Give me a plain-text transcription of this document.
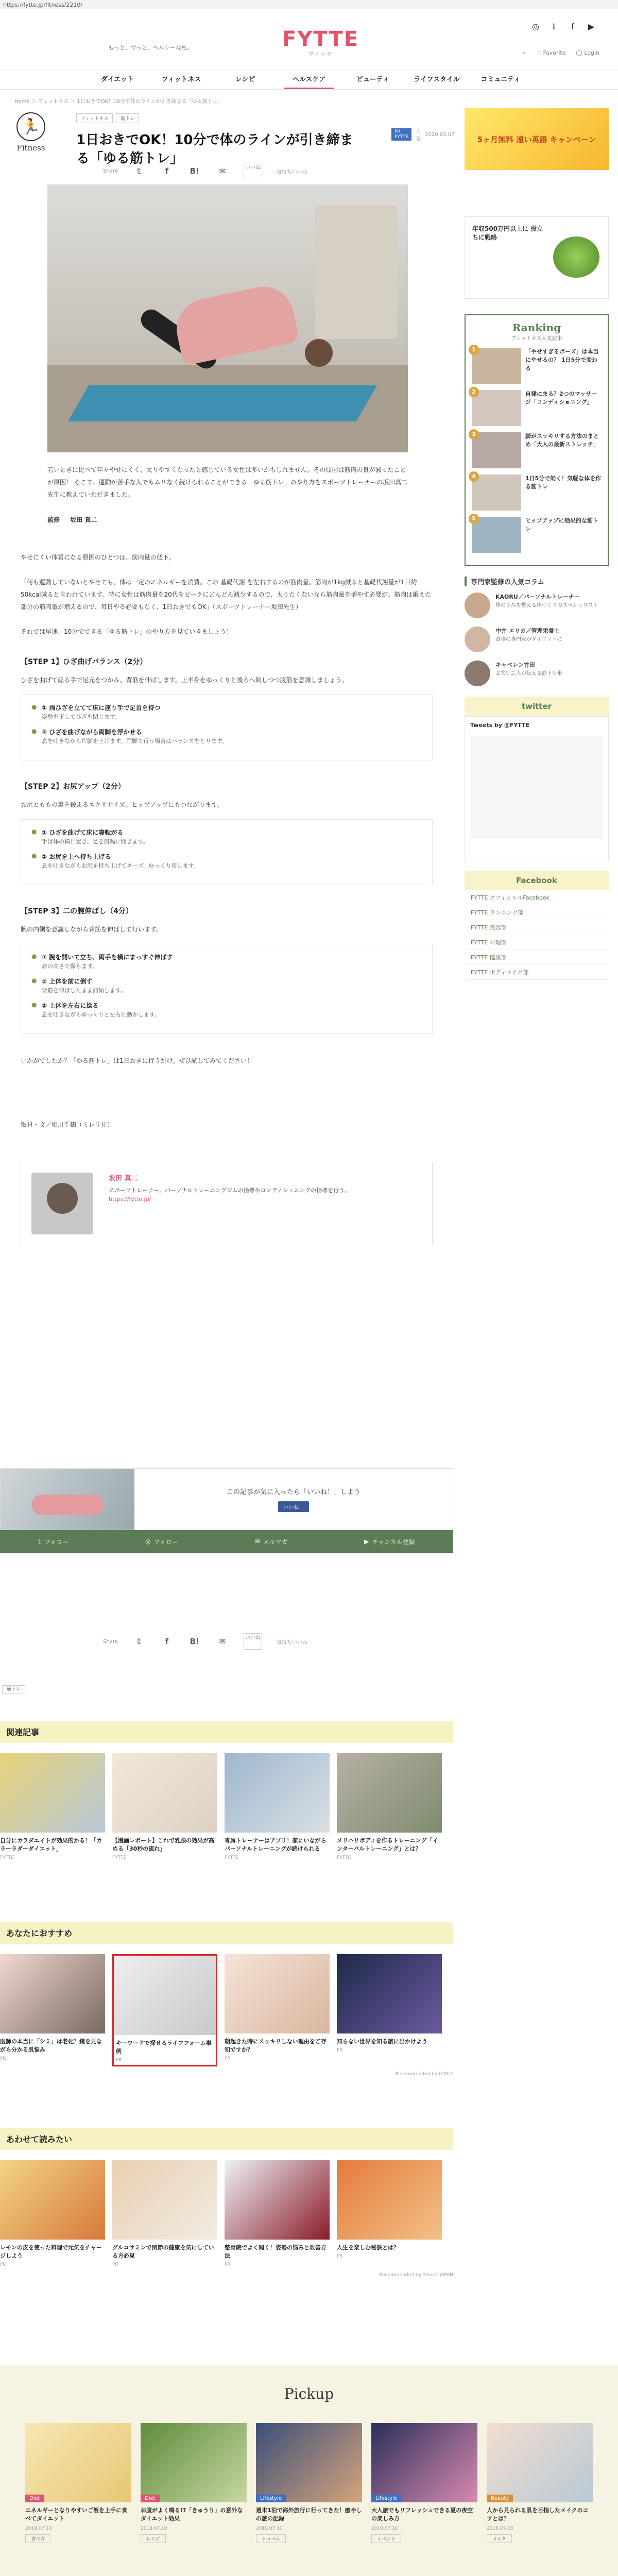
https://fytte.jp/fitness/2210/
もっと、ずっと、ヘルシーな私。	FYTTE
フィッテ
◎	𝕥	f	▶
⌕ ♡ Favorite ◯ Login
ダイエット	フィットネス	レシピ	ヘルスケア	ビューティ	ライフスタイル	コミュニティ
Home ＞ フィットネス ＞ 1日おきでOK！10分で体のラインが引き締まる「ゆる筋トレ」
🏃
Fitness
フィットネス	筋トレ
1日おきでOK！10分で体のラインが引き締まる「ゆる筋トレ」
PR FYTTE
人気
2020.03.07
Share	𝕥	f	B!	✉	いいね
気持ちいいね

若いときに比べて年々やせにくく、太りやすくなったと感じている女性は多いかもしれません。その原因は筋肉の量が減ったことが原因！ そこで、運動が苦手な人でもムリなく続けられることができる「ゆる筋トレ」のやり方をスポーツトレーナーの坂田真二先生に教えていただきました。

監修 坂田 真二

やせにくい体質になる原因のひとつは、筋肉量の低下。

「何も運動していないとやせても、体は一定のエネルギーを消費。この 基礎代謝 を左右するのが筋肉量。筋肉が1kg減ると基礎代謝量が1日約50kcal減ると言われています。特に女性は筋肉量を20代をピークにどんどん減少するので、太りたくないなら筋肉量を増やす必要が。筋肉は鍛えた部分の筋肉量が増えるので、毎日やる必要もなく、1日おきでもOK」（スポーツトレーナー坂田先生）

それでは早速、10分でできる「ゆる筋トレ」のやり方を見ていきましょう！

【STEP 1】ひざ曲げバランス（2分）

ひざを曲げて座る手で足元をつかみ、背筋を伸ばします。上半身をゆっくりと後ろへ倒しつつ腹筋を意識しましょう。

● ① 両ひざを立てて床に座り手で足首を持つ
姿勢を正してひざを閉じます。
● ② ひざを曲げながら両脚を浮かせる
息を吐きながら片脚を上げます。両脚で行う場合はバランスをとります。
【STEP 2】お尻アップ（2分）

お尻とももの裏を鍛えるエクササイズ。ヒップアップにもつながります。

● ① ひざを曲げて床に寝転がる
手は体の横に置き、足を肩幅に開きます。
● ② お尻を上へ持ち上げる
息を吐きながらお尻を持ち上げてキープ、ゆっくり戻します。
【STEP 3】二の腕伸ばし（4分）

腕の内側を意識しながら背筋を伸ばして行います。

● ① 腕を開いて立ち、両手を横にまっすぐ伸ばす
肩の高さで保ちます。
● ② 上体を前に倒す
背筋を伸ばしたまま前傾します。
● ③ 上体を左右に捻る
息を吐きながらゆっくりと左右に動かします。

いかがでしたか？「ゆる筋トレ」は1日おきに行うだけ。ぜひ試してみてください！

取材・文／相川千鶴（ミレリ社）

坂田 真二
スポーツトレーナー。パーソナルトレーニングジムの指導やコンディショニングの指導を行う。
https://fytte.jp/
この記事が気に入ったら「いいね！」しよう
いいね！
𝕥 フォロー	◎ フォロー	✉ メルマガ	▶ チャンネル登録
Share	𝕥	f	B!	✉	いいね
気持ちいいね
筋トレ
関連記事
自分にカラダエイトが効果的かる！「カラーラダーダイエット」
FYTTE
【漫画レポート】これで乳腺の効果が高める「30秒の流れ」
FYTTE
専属トレーナーはアプリ！家にいながらパーソナルトレーニングが続けられる
FYTTE
メリハリボディを作るトレーニング「インターバルトレーニング」とは？
FYTTE
あなたにおすすめ
医師の本当に「シミ」は老化？鏡を見ながら分かる肌悩み
PR
キーワードで探せるライフフォーム事例
PR
朝起きた時にスッキリしない理由をご存知ですか？
PR
知らない世界を知る旅に出かけよう
PR
Recommended by LOGLY
あわせて読みたい
レモンの皮を使った料理で元気をチャージしよう
PR
グルコサミンで関節の健康を気にしている方必見
PR
整骨院でよく聞く！姿勢の悩みと改善方法
PR
人生を楽しむ秘訣とは？
PR
Recommended by Yahoo! JAPAN
5ヶ月無料 遠い英語 キャンペーン
年収500万円以上に 役立ちに戦略
Ranking
フィットネス人気記事
1	「やせすぎるポーズ」は本当にやせるの？ 1日5分で変わる
2	自律にまる？2つのマッサージ「コンディショニング」
3	脚がスッキリする方法のまとめ「大人の最新ストレッチ」
4	1日5分で効く！気軽な体を作る筋トレ
5	ヒップアップに効果的な筋トレ
専門家監修の人気コラム
KAORU／パーソナルトレーナー
体の歪みを整える体づくりのスペシャリスト
中井 エリカ／管理栄養士
食事の専門家がダイエットに
キャベレン竹田
お笑い芸人が伝える筋トレ術
twitter
Tweets by @FYTTE
Facebook
FYTTE オフィシャルFacebook
FYTTE ランニング部
FYTTE 美容部
FYTTE 料理部
FYTTE 健康部
FYTTE ボディメイク部
Pickup
Diet
エネルギーとなりやすいご飯を上手に食べてダイエット
2019.07.10
食べ方
Diet
お腹がよく鳴る!?「きゅうり」の意外なダイエット効果
2019.07.10
レシピ
Lifestyle
週末1泊で海外旅行に行ってきた！癒やしの旅の記録
2019.07.10
トラベル
Lifestyle
大人旅でもリフレッシュできる夏の夜空の楽しみ方
2019.07.10
イベント
Beauty
人から見られる肌を目指したメイクのコツとは？
2019.07.10
メイク
